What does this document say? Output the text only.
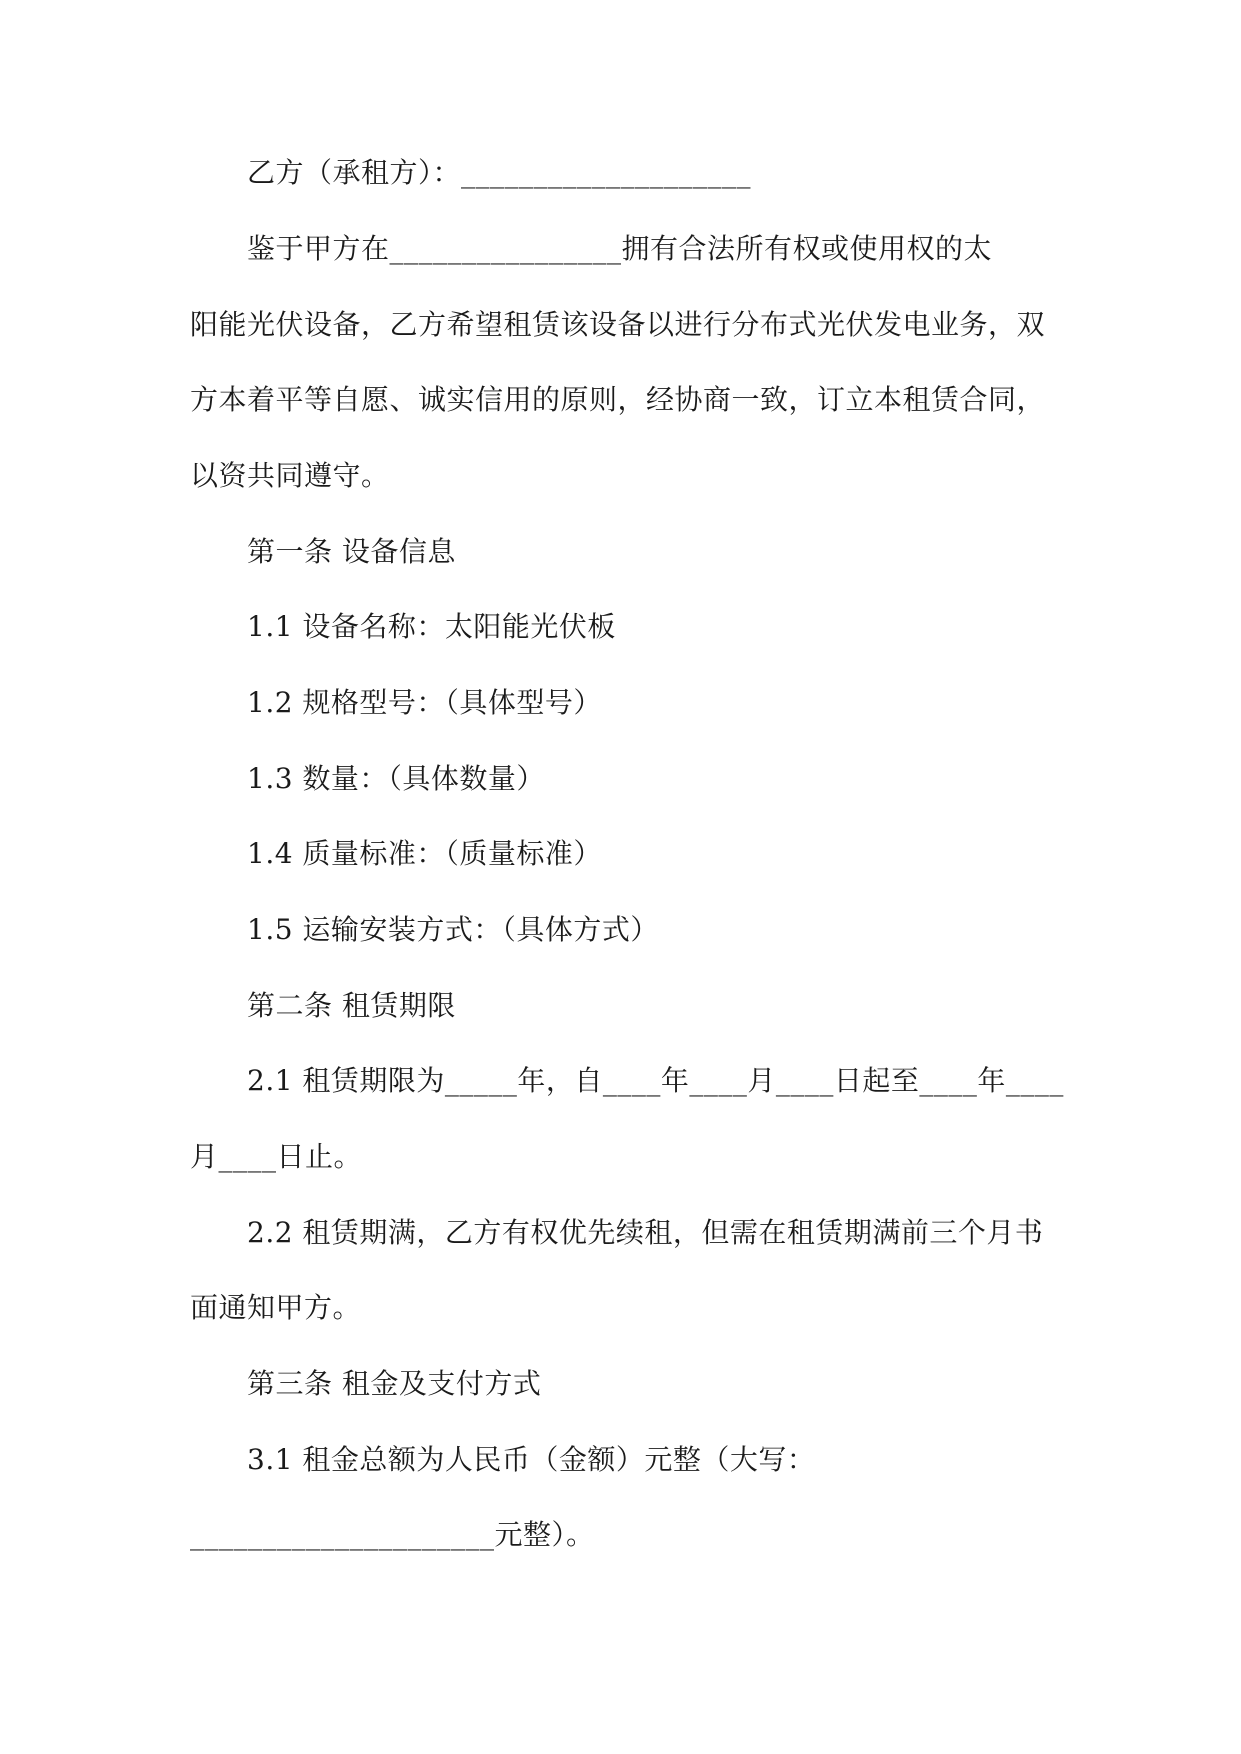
乙方（承租方）：____________________
鉴于甲方在________________拥有合法所有权或使用权的太
阳能光伏设备，乙方希望租赁该设备以进行分布式光伏发电业务，双
方本着平等自愿、诚实信用的原则，经协商一致，订立本租赁合同，
以资共同遵守。
第一条 设备信息
1.1 设备名称：太阳能光伏板
1.2 规格型号：（具体型号）
1.3 数量：（具体数量）
1.4 质量标准：（质量标准）
1.5 运输安装方式：（具体方式）
第二条 租赁期限
2.1 租赁期限为_____年，自____年____月____日起至____年____
月____日止。
2.2 租赁期满，乙方有权优先续租，但需在租赁期满前三个月书
面通知甲方。
第三条 租金及支付方式
3.1 租金总额为人民币（金额）元整（大写：
_____________________元整）。
